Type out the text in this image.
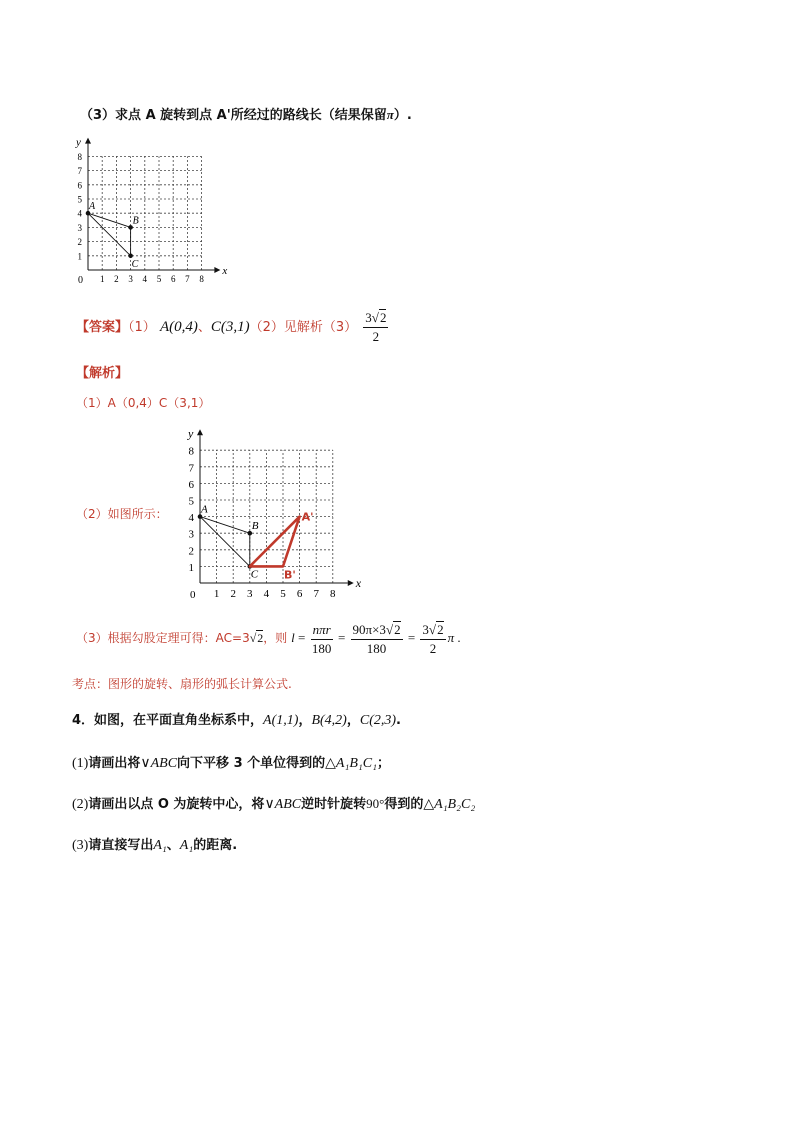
（3）求点 A 旋转到点 A'所经过的路线长（结果保留π）.
y
x
0 1 2 3 4 5 6 7 8
1
2
3
4
5
6
7
8
A
B
C
【答案】（1） A(0,4)、C(3,1)（2）见解析$(3) \frac{3√2}{2}$
【解析】
（1）A（0,4）C（3,1）
（2）如图所示：
y
x
0 1 2 3 4 5 6 7 8
1
2
3
4
5
6
7
8
A
B
C
A'
B'
（3）根据勾股定理可得：AC=3√2，则 $l = \frac{\text{nπr}}{180} = \frac{90\pi\times 3√2}{180} = \frac{3√2}{2}$ π .
考点：图形的旋转、扇形的弧长计算公式.
4．如图，在平面直角坐标系中，A(1,1)，B(4,2)，C(2,3).
(1)请画出将∨ABC向下平移 3 个单位得到的△A₁B₁C₁；
(2)请画出以点 O 为旋转中心，将∨ABC逆时针旋转90°得到的△A₁B₂C₂
(3)请直接写出A₁、A₁的距离.
